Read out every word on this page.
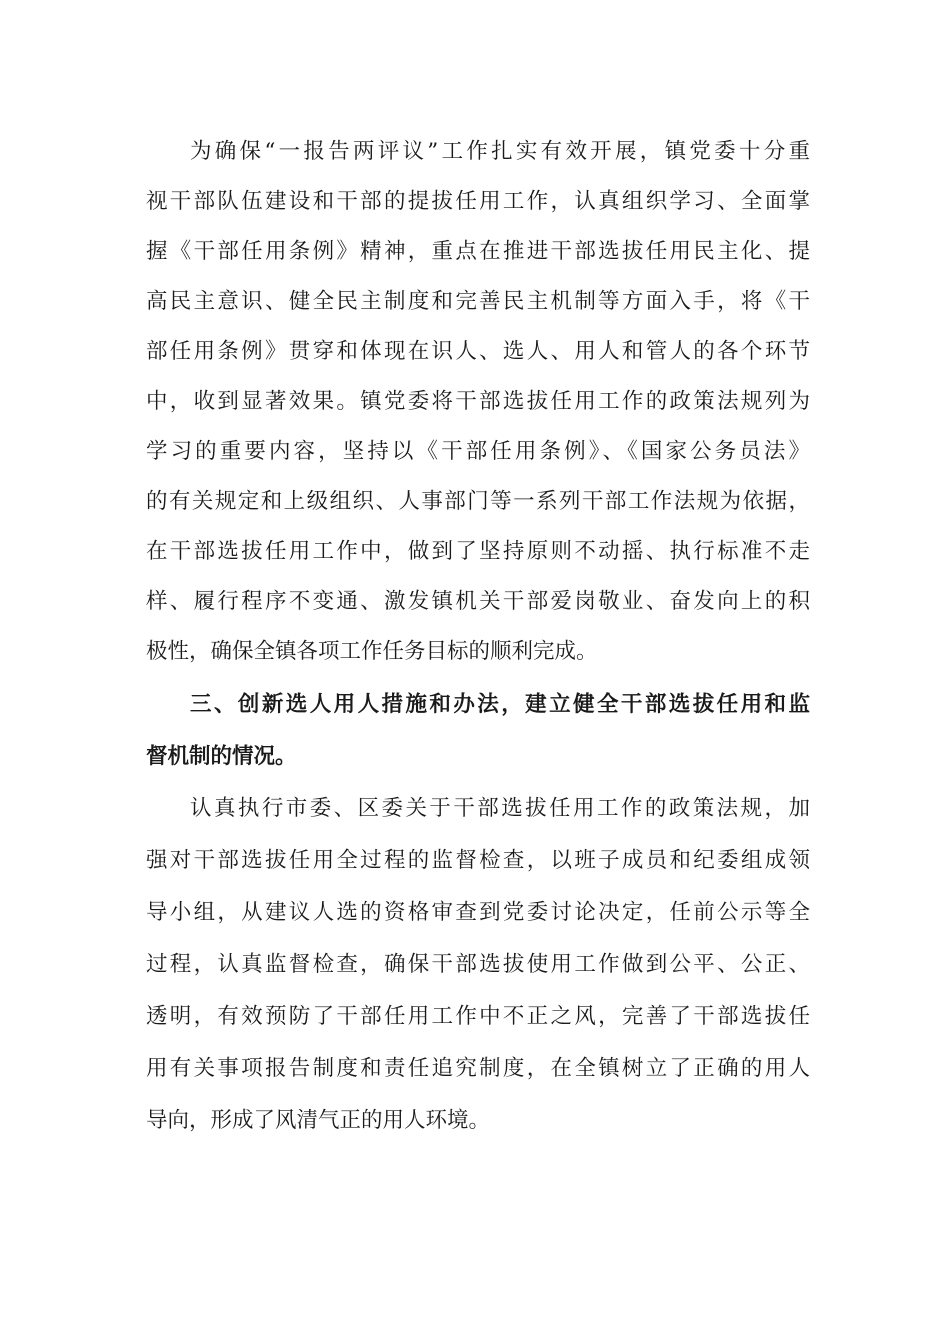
为确保“一报告两评议”工作扎实有效开展，镇党委十分重
视干部队伍建设和干部的提拔任用工作，认真组织学习、全面掌
握《干部任用条例》精神，重点在推进干部选拔任用民主化、提
高民主意识、健全民主制度和完善民主机制等方面入手，将《干
部任用条例》贯穿和体现在识人、选人、用人和管人的各个环节
中，收到显著效果。镇党委将干部选拔任用工作的政策法规列为
学习的重要内容，坚持以《干部任用条例》、《国家公务员法》
的有关规定和上级组织、人事部门等一系列干部工作法规为依据，
在干部选拔任用工作中，做到了坚持原则不动摇、执行标准不走
样、履行程序不变通、激发镇机关干部爱岗敬业、奋发向上的积
极性，确保全镇各项工作任务目标的顺利完成。
三、创新选人用人措施和办法，建立健全干部选拔任用和监
督机制的情况。
认真执行市委、区委关于干部选拔任用工作的政策法规，加
强对干部选拔任用全过程的监督检查，以班子成员和纪委组成领
导小组，从建议人选的资格审查到党委讨论决定，任前公示等全
过程，认真监督检查，确保干部选拔使用工作做到公平、公正、
透明，有效预防了干部任用工作中不正之风，完善了干部选拔任
用有关事项报告制度和责任追究制度，在全镇树立了正确的用人
导向，形成了风清气正的用人环境。
